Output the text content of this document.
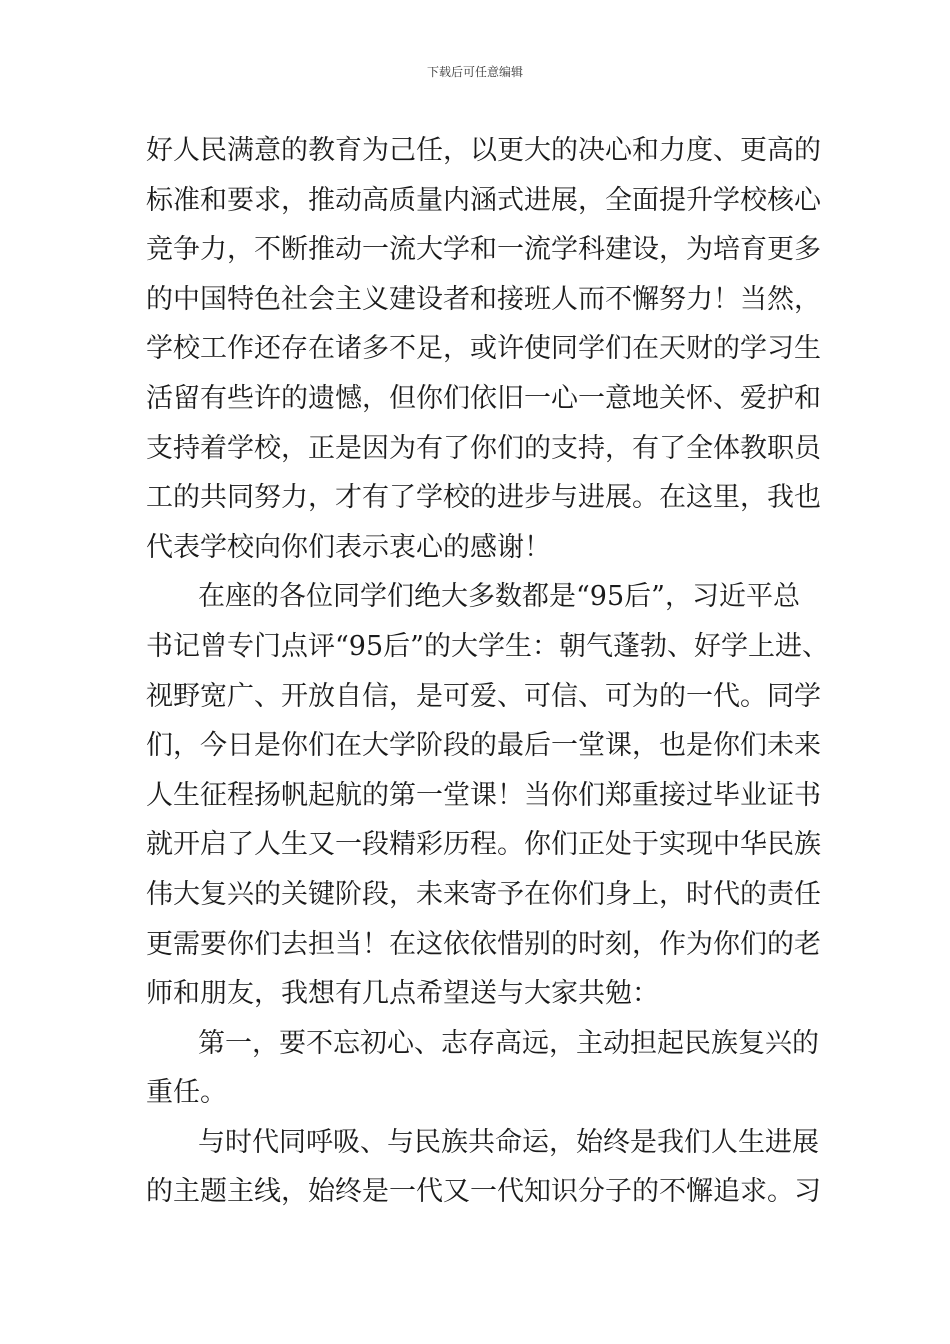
下载后可任意编辑
好人民满意的教育为己任，以更大的决心和力度、更高的
标准和要求，推动高质量内涵式进展，全面提升学校核心
竞争力，不断推动一流大学和一流学科建设，为培育更多
的中国特色社会主义建设者和接班人而不懈努力！当然，
学校工作还存在诸多不足，或许使同学们在天财的学习生
活留有些许的遗憾，但你们依旧一心一意地关怀、爱护和
支持着学校，正是因为有了你们的支持，有了全体教职员
工的共同努力，才有了学校的进步与进展。在这里，我也
代表学校向你们表示衷心的感谢！
在座的各位同学们绝大多数都是“95后”，习近平总
书记曾专门点评“95后”的大学生：朝气蓬勃、好学上进、
视野宽广、开放自信，是可爱、可信、可为的一代。同学
们，今日是你们在大学阶段的最后一堂课，也是你们未来
人生征程扬帆起航的第一堂课！当你们郑重接过毕业证书
就开启了人生又一段精彩历程。你们正处于实现中华民族
伟大复兴的关键阶段，未来寄予在你们身上，时代的责任
更需要你们去担当！在这依依惜别的时刻，作为你们的老
师和朋友，我想有几点希望送与大家共勉：
第一，要不忘初心、志存高远，主动担起民族复兴的
重任。
与时代同呼吸、与民族共命运，始终是我们人生进展
的主题主线，始终是一代又一代知识分子的不懈追求。习
